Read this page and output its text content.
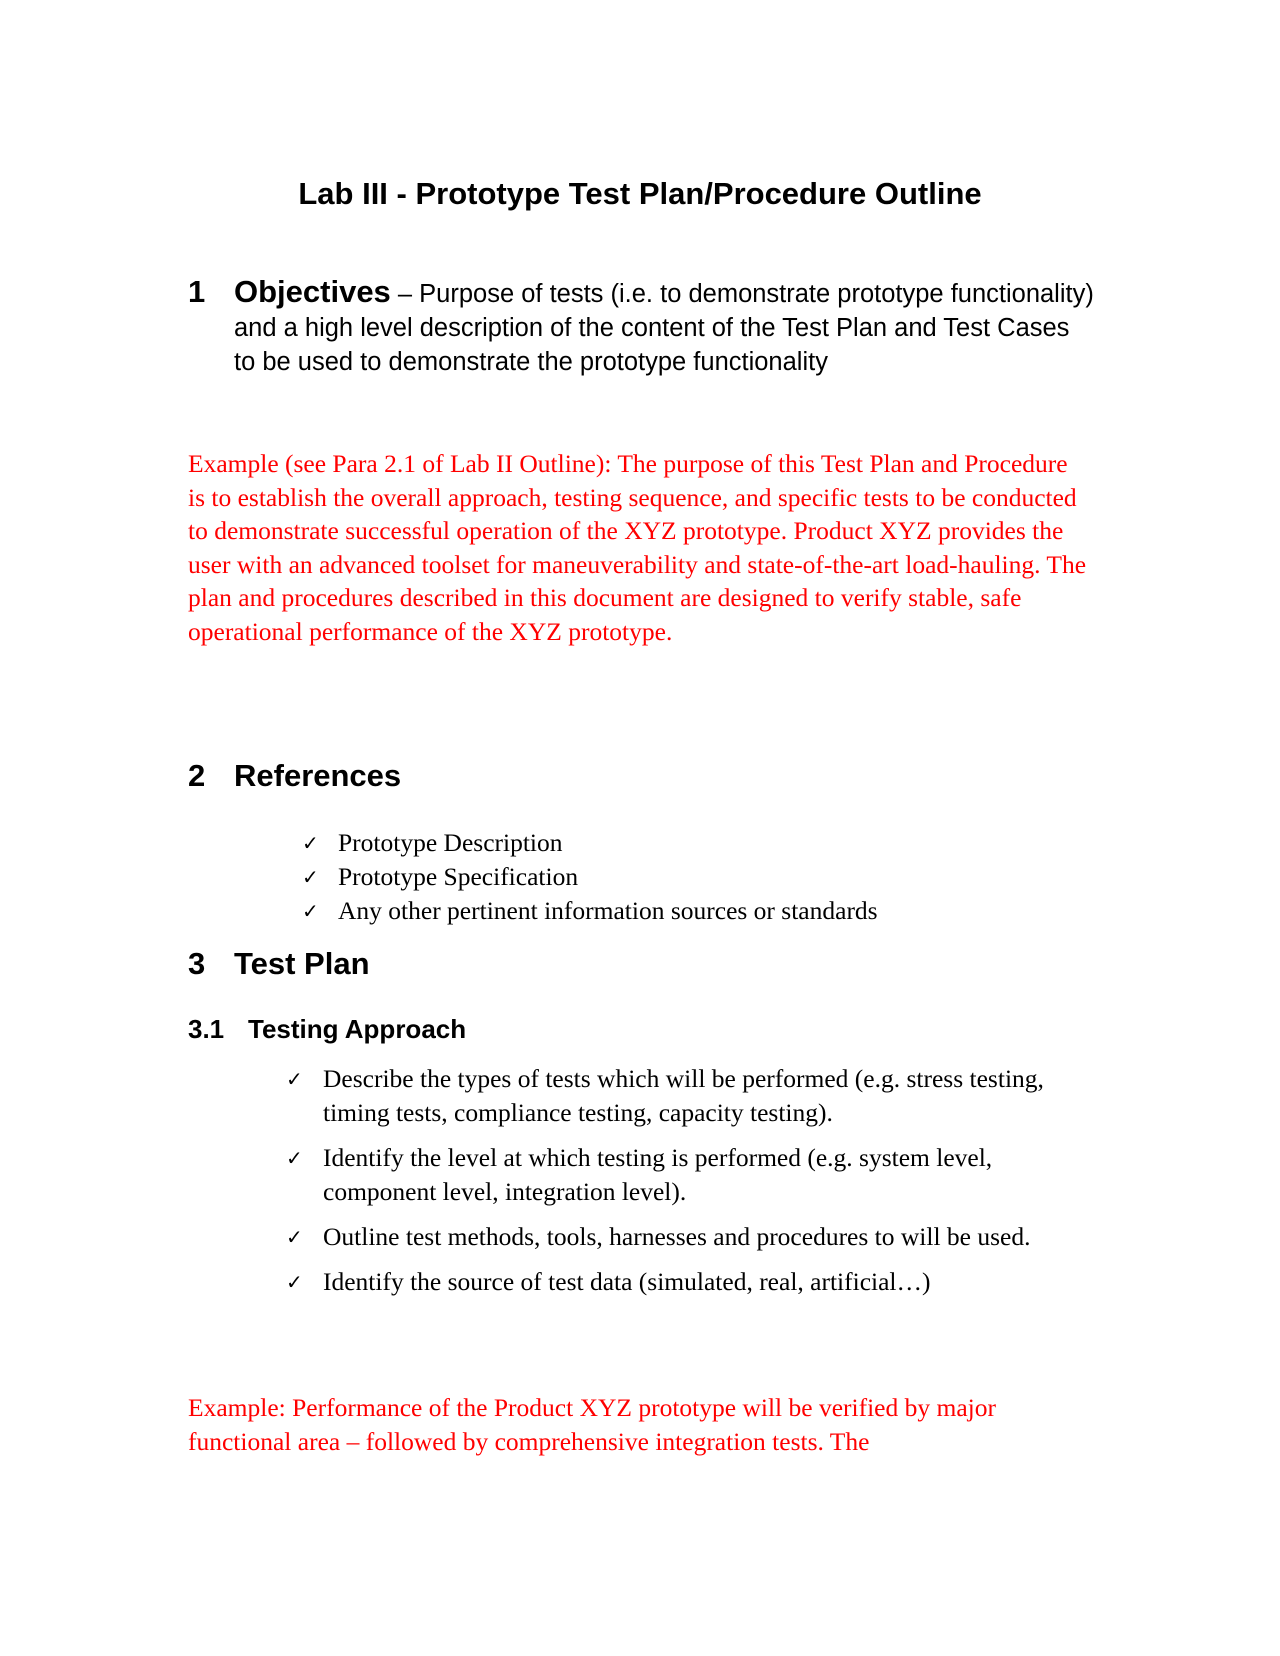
Lab III - Prototype Test Plan/Procedure Outline
1 Objectives – Purpose of tests (i.e. to demonstrate prototype functionality) and a high level description of the content of the Test Plan and Test Cases to be used to demonstrate the prototype functionality

Example (see Para 2.1 of Lab II Outline): The purpose of this Test Plan and Procedure is to establish the overall approach, testing sequence, and specific tests to be conducted to demonstrate successful operation of the XYZ prototype. Product XYZ provides the user with an advanced toolset for maneuverability and state-of-the-art load-hauling. The plan and procedures described in this document are designed to verify stable, safe operational performance of the XYZ prototype.

2 References
✓ Prototype Description
✓ Prototype Specification
✓ Any other pertinent information sources or standards
3 Test Plan
3.1 Testing Approach
✓ Describe the types of tests which will be performed (e.g. stress testing, timing tests, compliance testing, capacity testing).
✓ Identify the level at which testing is performed (e.g. system level, component level, integration level).
✓ Outline test methods, tools, harnesses and procedures to will be used.
✓ Identify the source of test data (simulated, real, artificial…)

Example: Performance of the Product XYZ prototype will be verified by major functional area – followed by comprehensive integration tests. The
